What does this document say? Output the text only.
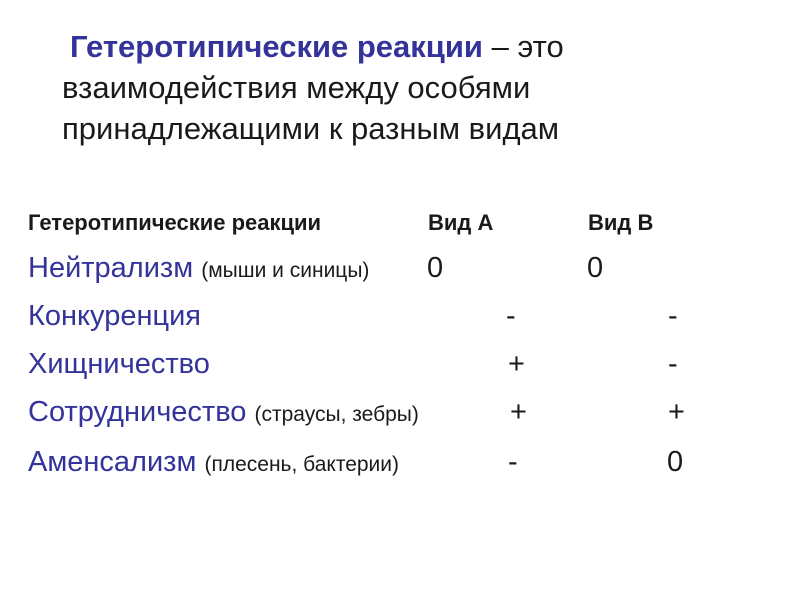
Гетеротипические реакции – это
взаимодействия между особями
принадлежащими к разным видам
Гетеротипические реакции	Вид А	Вид В
Нейтрализм (мыши и синицы) 0	0
Конкуренция	-	-
Хищничество	+	-
Сотрудничество (страусы, зебры)	+	+
Аменсализм (плесень, бактерии)	-	0
